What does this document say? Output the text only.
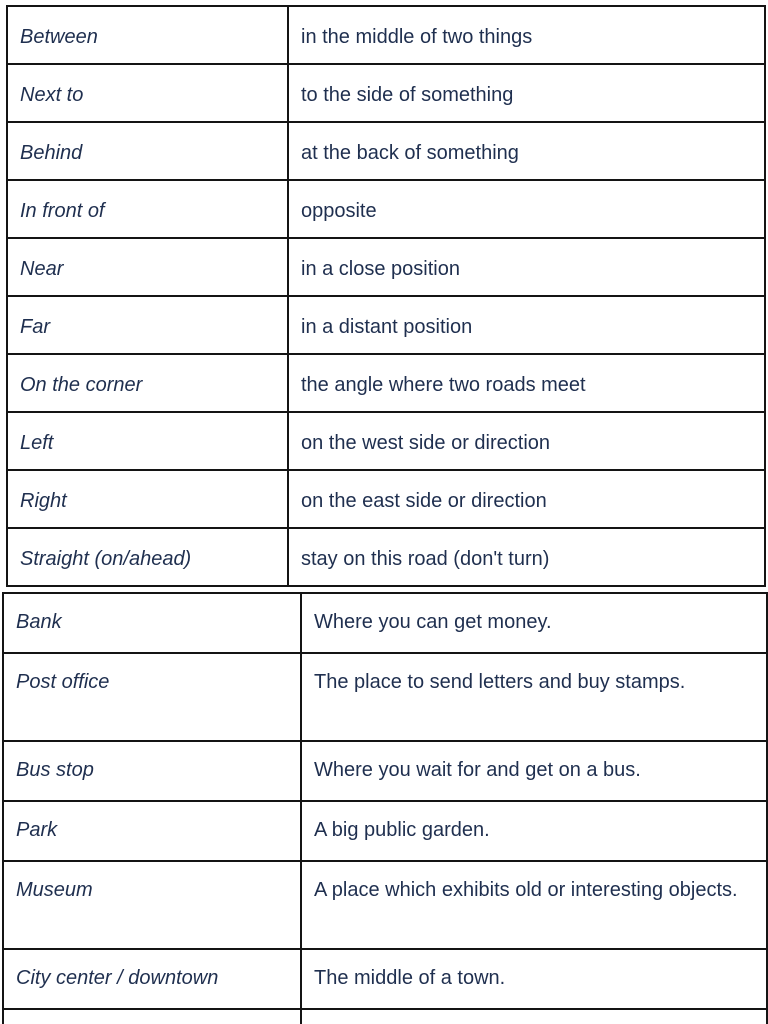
Between	in the middle of two things
Next to	to the side of something
Behind	at the back of something
In front of	opposite
Near	in a close position
Far	in a distant position
On the corner	the angle where two roads meet
Left	on the west side or direction
Right	on the east side or direction
Straight (on/ahead)	stay on this road (don't turn)
Bank	Where you can get money.
Post office	The place to send letters and buy stamps.
Bus stop	Where you wait for and get on a bus.
Park	A big public garden.
Museum	A place which exhibits old or interesting objects.
City center / downtown	The middle of a town.
